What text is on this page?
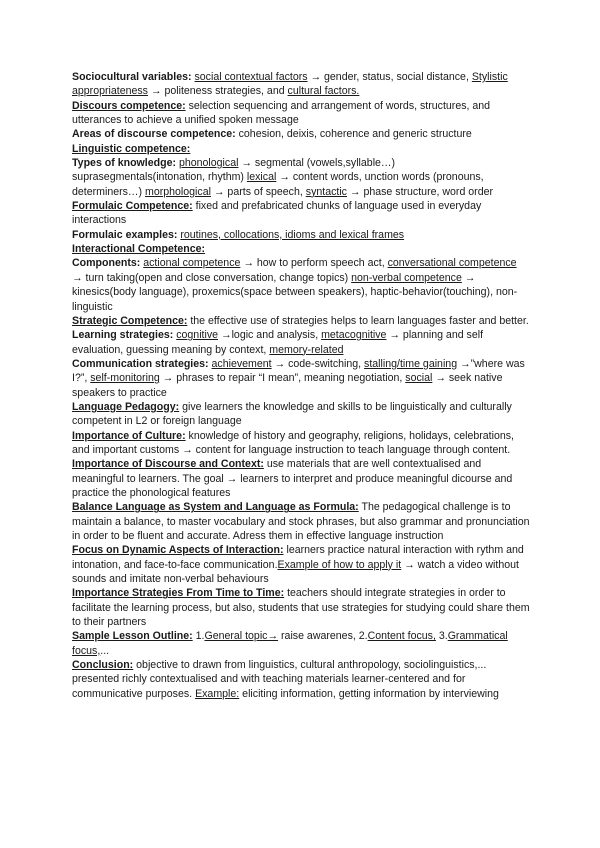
Sociocultural variables: social contextual factors → gender, status, social distance, Stylistic appropriateness → politeness strategies, and cultural factors.

Discours competence: selection sequencing and arrangement of words, structures, and utterances to achieve a unified spoken message

Areas of discourse competence: cohesion, deixis, coherence and generic structure

Linguistic competence:

Types of knowledge: phonological → segmental (vowels,syllable…) suprasegmentals(intonation, rhythm) lexical → content words, unction words (pronouns, determiners…) morphological → parts of speech, syntactic → phase structure, word order

Formulaic Competence: fixed and prefabricated chunks of language used in everyday interactions

Formulaic examples: routines, collocations, idioms and lexical frames

Interactional Competence:

Components: actional competence → how to perform speech act, conversational competence → turn taking(open and close conversation, change topics) non-verbal competence → kinesics(body language), proxemics(space between speakers), haptic-behavior(touching), non-linguistic

Strategic Competence: the effective use of strategies helps to learn languages faster and better.

Learning strategies: cognitive →logic and analysis, metacognitive → planning and self evaluation, guessing meaning by context, memory-related

Communication strategies: achievement → code-switching, stalling/time gaining →”where was I?”, self-monitoring → phrases to repair “I mean”, meaning negotiation, social → seek native speakers to practice

Language Pedagogy: give learners the knowledge and skills to be linguistically and culturally competent in L2 or foreign language

Importance of Culture: knowledge of history and geography, religions, holidays, celebrations, and important customs → content for language instruction to teach language through content.

Importance of Discourse and Context: use materials that are well contextualised and meaningful to learners. The goal → learners to interpret and produce meaningful dicourse and practice the phonological features

Balance Language as System and Language as Formula: The pedagogical challenge is to maintain a balance, to master vocabulary and stock phrases, but also grammar and pronunciation in order to be fluent and accurate. Adress them in effective language instruction

Focus on Dynamic Aspects of Interaction: learners practice natural interaction with rythm and intonation, and face-to-face communication.Example of how to apply it → watch a video without sounds and imitate non-verbal behaviours

Importance Strategies From Time to Time: teachers should integrate strategies in order to facilitate the learning process, but also, students that use strategies for studying could share them to their partners

Sample Lesson Outline: 1.General topic→ raise awarenes, 2.Content focus, 3.Grammatical focus,...

Conclusion: objective to drawn from linguistics, cultural anthropology, sociolinguistics,... presented richly contextualised and with teaching materials learner-centered and for communicative purposes. Example: eliciting information, getting information by interviewing
